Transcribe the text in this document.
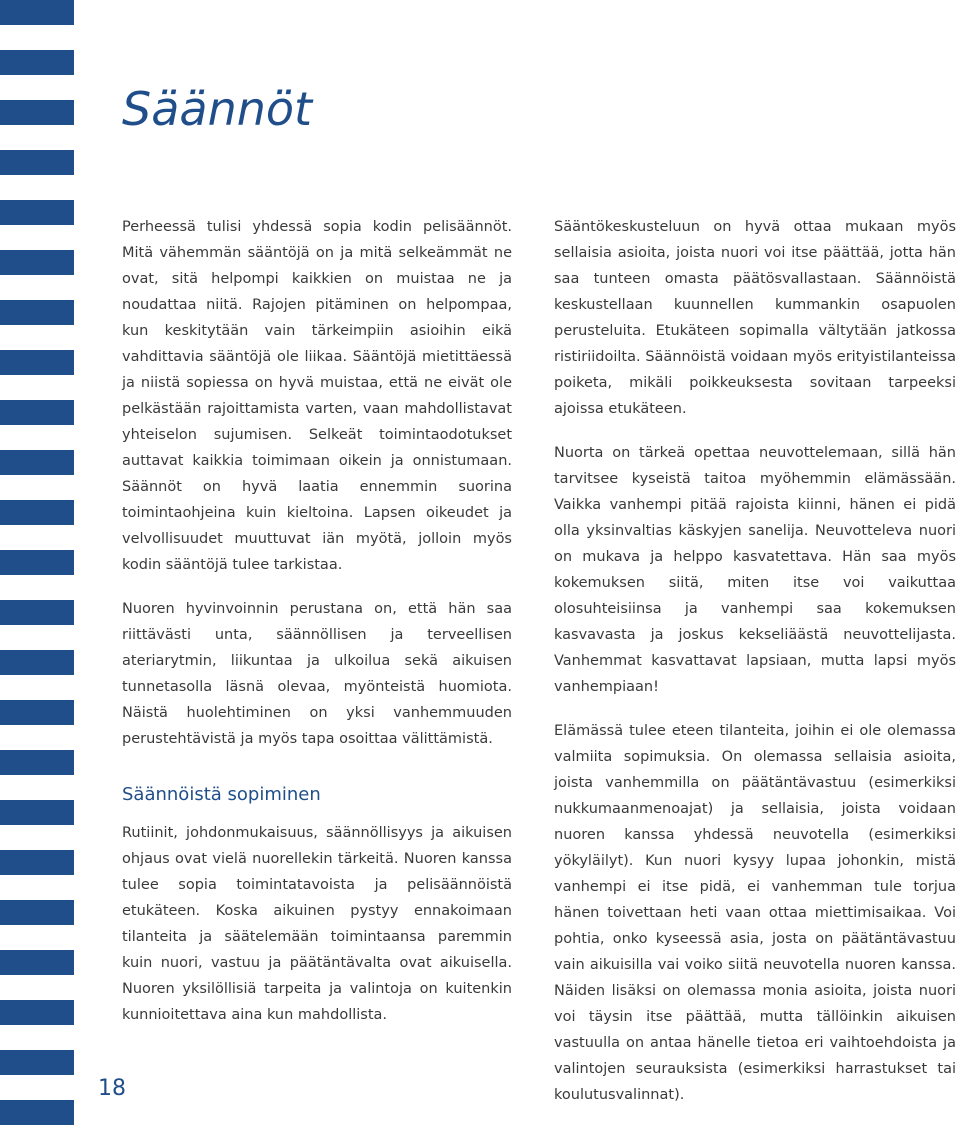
Säännöt

Perheessä tulisi yhdessä sopia kodin pelisäännöt. Mitä vähemmän sääntöjä on ja mitä selkeämmät ne ovat, sitä helpompi kaikkien on muistaa ne ja noudattaa niitä. Rajojen pitäminen on helpompaa, kun keskitytään vain tärkeimpiin asioihin eikä vahdittavia sääntöjä ole liikaa. Sääntöjä mietittäessä ja niistä sopiessa on hyvä muistaa, että ne eivät ole pelkästään rajoittamista varten, vaan mahdollistavat yhteiselon sujumisen. Selkeät toimintaodotukset auttavat kaikkia toimimaan oikein ja onnistumaan. Säännöt on hyvä laatia ennemmin suorina toimintaohjeina kuin kieltoina. Lapsen oikeudet ja velvollisuudet muuttuvat iän myötä, jolloin myös kodin sääntöjä tulee tarkistaa.

Nuoren hyvinvoinnin perustana on, että hän saa riittävästi unta, säännöllisen ja terveellisen ateriarytmin, liikuntaa ja ulkoilua sekä aikuisen tunnetasolla läsnä olevaa, myönteistä huomiota. Näistä huolehtiminen on yksi vanhemmuuden perustehtävistä ja myös tapa osoittaa välittämistä.

Säännöistä sopiminen

Rutiinit, johdonmukaisuus, säännöllisyys ja aikuisen ohjaus ovat vielä nuorellekin tärkeitä. Nuoren kanssa tulee sopia toimintatavoista ja pelisäännöistä etukäteen. Koska aikuinen pystyy ennakoimaan tilanteita ja säätelemään toimintaansa paremmin kuin nuori, vastuu ja päätäntävalta ovat aikuisella. Nuoren yksilöllisiä tarpeita ja valintoja on kuitenkin kunnioitettava aina kun mahdollista.

Sääntökeskusteluun on hyvä ottaa mukaan myös sellaisia asioita, joista nuori voi itse päättää, jotta hän saa tunteen omasta päätösvallastaan. Säännöistä keskustellaan kuunnellen kummankin osapuolen perusteluita. Etukäteen sopimalla vältytään jatkossa ristiriidoilta. Säännöistä voidaan myös erityistilanteissa poiketa, mikäli poikkeuksesta sovitaan tarpeeksi ajoissa etukäteen.

Nuorta on tärkeä opettaa neuvottelemaan, sillä hän tarvitsee kyseistä taitoa myöhemmin elämässään. Vaikka vanhempi pitää rajoista kiinni, hänen ei pidä olla yksinvaltias käskyjen sanelija. Neuvotteleva nuori on mukava ja helppo kasvatettava. Hän saa myös kokemuksen siitä, miten itse voi vaikuttaa olosuhteisiinsa ja vanhempi saa kokemuksen kasvavasta ja joskus kekseliäästä neuvottelijasta. Vanhemmat kasvattavat lapsiaan, mutta lapsi myös vanhempiaan!

Elämässä tulee eteen tilanteita, joihin ei ole olemassa valmiita sopimuksia. On olemassa sellaisia asioita, joista vanhemmilla on päätäntävastuu (esimerkiksi nukkumaanmenoajat) ja sellaisia, joista voidaan nuoren kanssa yhdessä neuvotella (esimerkiksi yökyläilyt). Kun nuori kysyy lupaa johonkin, mistä vanhempi ei itse pidä, ei vanhemman tule torjua hänen toivettaan heti vaan ottaa miettimisaikaa. Voi pohtia, onko kyseessä asia, josta on päätäntävastuu vain aikuisilla vai voiko siitä neuvotella nuoren kanssa. Näiden lisäksi on olemassa monia asioita, joista nuori voi täysin itse päättää, mutta tällöinkin aikuisen vastuulla on antaa hänelle tietoa eri vaihtoehdoista ja valintojen seurauksista (esimerkiksi harrastukset tai koulutusvalinnat).

18
